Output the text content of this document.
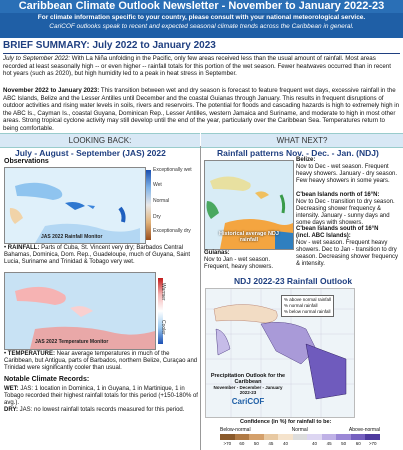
Caribbean Climate Outlook Newsletter - November to January 2022-23
For climate information specific to your country, please consult with your national meteorological service.
CariCOF outlooks speak to recent and expected seasonal climate trends across the Caribbean in general.
BRIEF SUMMARY: July 2022 to January 2023
July to September 2022: With La Niña unfolding in the Pacific, only few areas received less than the usual amount of rainfall. Most areas recorded at least seasonally high -- or even higher -- rainfall totals for this portion of the wet season. Fewer heatwaves occurred than in recent hot years (such as 2020), but high humidity led to a peak in heat stress in September.
November 2022 to January 2023: This transition between wet and dry season is forecast to feature frequent wet days, excessive rainfall in the ABC Islands, Belize and the Lesser Antilles until December and the coastal Guianas through January. This results in frequent disruptions of outdoor activities and rising water levels in soils, rivers and reservoirs. The potential for floods and cascading hazards is high to extremely high in the ABC Is., Cayman Is., coastal Guyana, Dominican Rep., Lesser Antilles, western Jamaica and Suriname, and moderate to high in most other areas. Strong tropical cyclone activity may still develop until the end of the year, particularly over the Caribbean Sea. Temperatures return to being comfortable.
LOOKING BACK:	WHAT NEXT?
July - August - September (JAS) 2022
Observations
JAS 2022 Rainfall Monitor
Exceptionally wet
Wet
Normal
Dry
Exceptionally dry
• RAINFALL: Parts of Cuba, St. Vincent very dry; Barbados Central Bahamas, Dominica, Dom. Rep., Guadeloupe, much of Guyana, Saint Lucia, Suriname and Trinidad & Tobago very wet.
JAS 2022 Temperature Monitor
Warmer
Cooler
• TEMPERATURE: Near average temperatures in much of the Caribbean, but Antigua, parts of Barbados, northern Belize, Curaçao and Trinidad were significantly cooler than usual.
Notable Climate Records:
WET: JAS: 1 location in Dominica, 1 in Guyana, 1 in Martinique, 1 in Tobago recorded their highest rainfall totals for this period (+150-180% of avg.).
DRY: JAS: no lowest rainfall totals records measured for this period.
Rainfall patterns Nov. - Dec. - Jan. (NDJ)
Historical average NDJ rainfall
Belize:
Nov to Dec - wet season. Frequent heavy showers. January - dry season. Few heavy showers in some years.
C'bean Islands north of 16°N:
Nov to Dec - transition to dry season. Decreasing shower frequency & intensity. January - sunny days and some days with showers.
C'bean Islands south of 16°N
(incl. ABC Islands):
Nov - wet season. Frequent heavy showers. Dec to Jan - transition to dry season. Decreasing shower frequency & intensity.
Guianas:
Nov to Jan - wet season. Frequent, heavy showers.
NDJ 2022-23 Rainfall Outlook
% above normal rainfall
% normal rainfall
% below normal rainfall
Precipitation Outlook for the Caribbean
November - December - January 2022-23
CariCOF
Confidence (in %) for rainfall to be:
Below-normal	Normal	Above-normal
>70	60	50	45	40	40	45	50	60	>70
